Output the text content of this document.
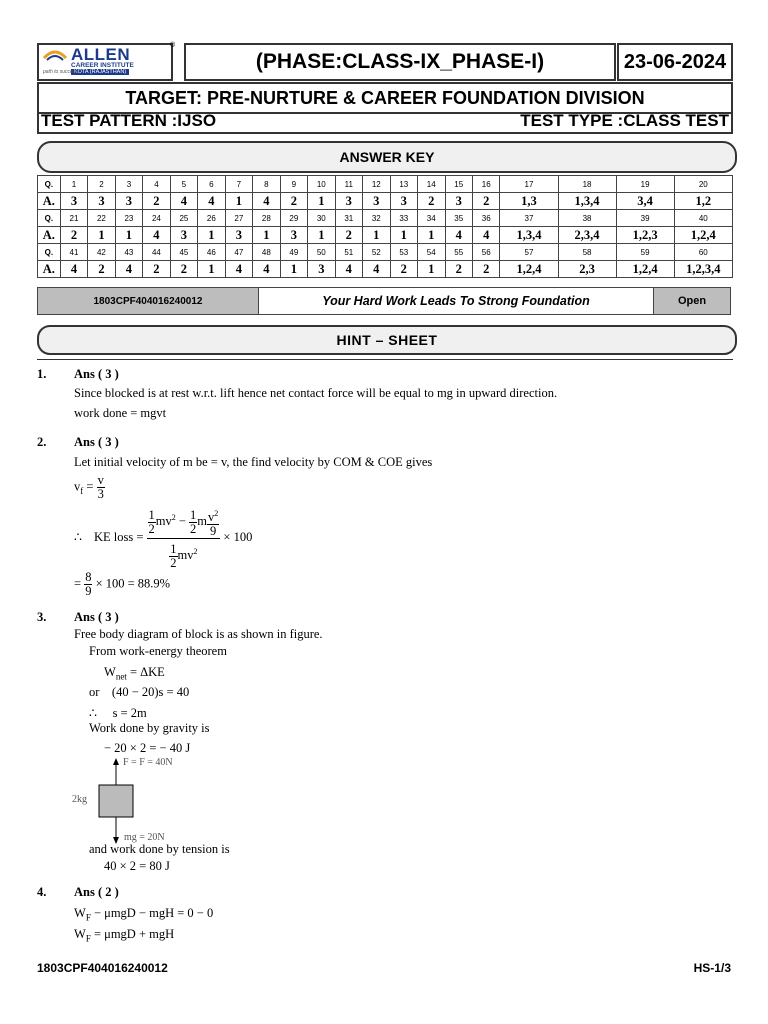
ALLEN
CAREER INSTITUTE
KOTA (RAJASTHAN)
path to success
®
(PHASE:CLASS-IX_PHASE-I)	23-06-2024
TARGET: PRE-NURTURE & CAREER FOUNDATION DIVISION
TEST PATTERN :IJSO	TEST TYPE :CLASS TEST
ANSWER KEY
Q.	1	2	3	4	5	6	7	8	9	10	11	12	13	14	15	16	17	18	19	20
A.	3	3	3	2	4	4	1	4	2	1	3	3	3	2	3	2	1,3	1,3,4	3,4	1,2
Q.	21	22	23	24	25	26	27	28	29	30	31	32	33	34	35	36	37	38	39	40
A.	2	1	1	4	3	1	3	1	3	1	2	1	1	1	4	4	1,3,4	2,3,4	1,2,3	1,2,4
Q.	41	42	43	44	45	46	47	48	49	50	51	52	53	54	55	56	57	58	59	60
A.	4	2	4	2	2	1	4	4	1	3	4	4	2	1	2	2	1,2,4	2,3	1,2,4	1,2,3,4
1803CPF404016240012	Your Hard Work Leads To Strong Foundation	Open
HINT – SHEET
1. Ans ( 3 )
Since blocked is at rest w.r.t. lift hence net contact force will be equal to mg in upward direction.
work done = mgvt
2. Ans ( 3 )
Let initial velocity of m be = v, the find velocity by COM & COE gives
$v_f = \frac{v}{3}$
∴ KE loss = $\frac{\frac{1}{2} mv^2 - \frac{1}{2} m \frac{v^2}{9}}{\frac{1}{2} mv^2} \times 100$
= $\frac{8}{9} \times 100 = 88.9\%$
3. Ans ( 3 )
Free body diagram of block is as shown in figure.
From work-energy theorem
$W_{net} = \Delta KE$
or    (40 − 20)s = 40
∴     s = 2m
Work done by gravity is
− 20 × 2 = − 40 J
F = F = 40N
2kg
mg = 20N
and work done by tension is
40 × 2 = 80 J
4. Ans ( 2 )
$W_F - \mu mgD$ − mgH = 0 − 0
$W_F = \mu mgD$ + mgH
1803CPF404016240012	HS-1/3
